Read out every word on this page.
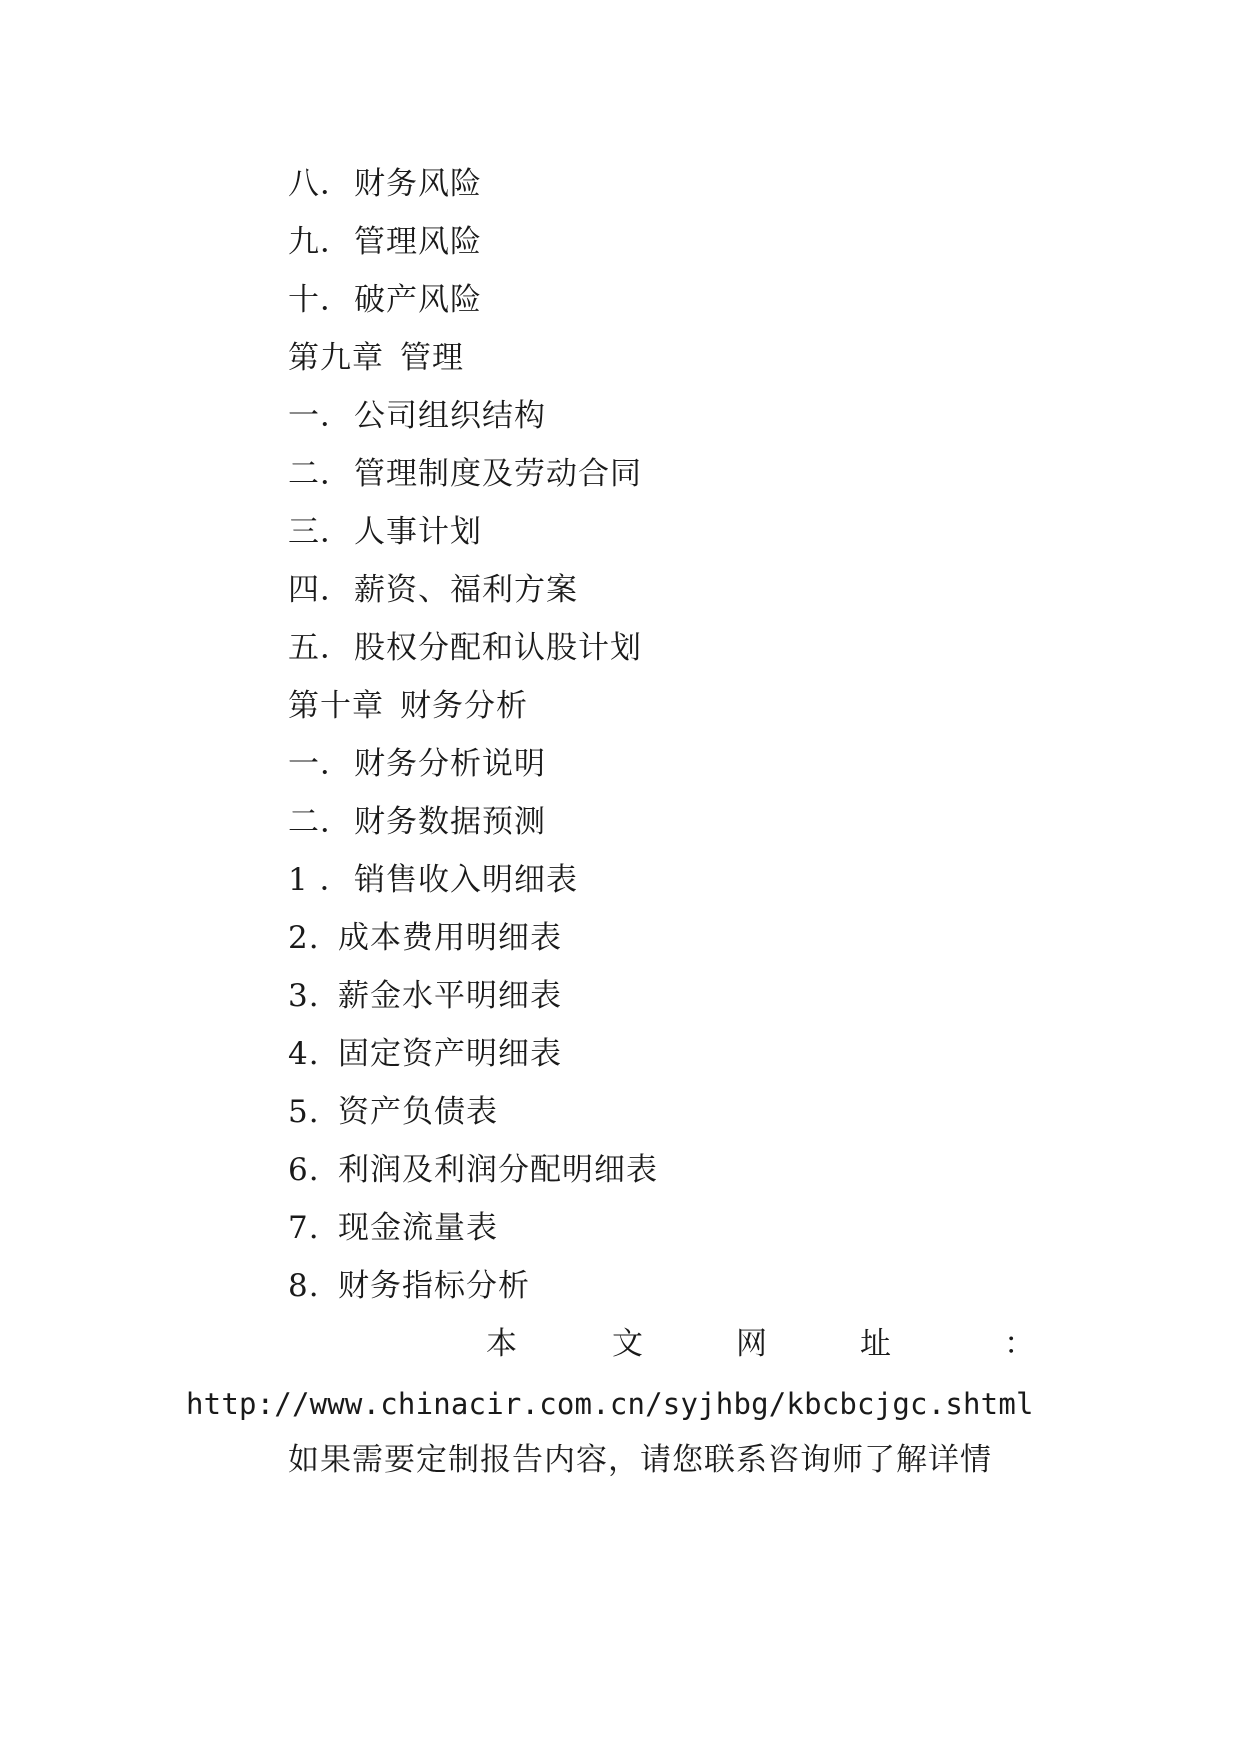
八．财务风险
九．管理风险
十．破产风险
第九章 管理
一．公司组织结构
二．管理制度及劳动合同
三．人事计划
四．薪资、福利方案
五．股权分配和认股计划
第十章 财务分析
一．财务分析说明
二．财务数据预测
1 ．销售收入明细表
2. 成本费用明细表
3. 薪金水平明细表
4. 固定资产明细表
5. 资产负债表
6. 利润及利润分配明细表
7. 现金流量表
8. 财务指标分析
本	文	网	址	：
http://www.chinacir.com.cn/syjhbg/kbcbcjgc.shtml
如果需要定制报告内容，请您联系咨询师了解详情
